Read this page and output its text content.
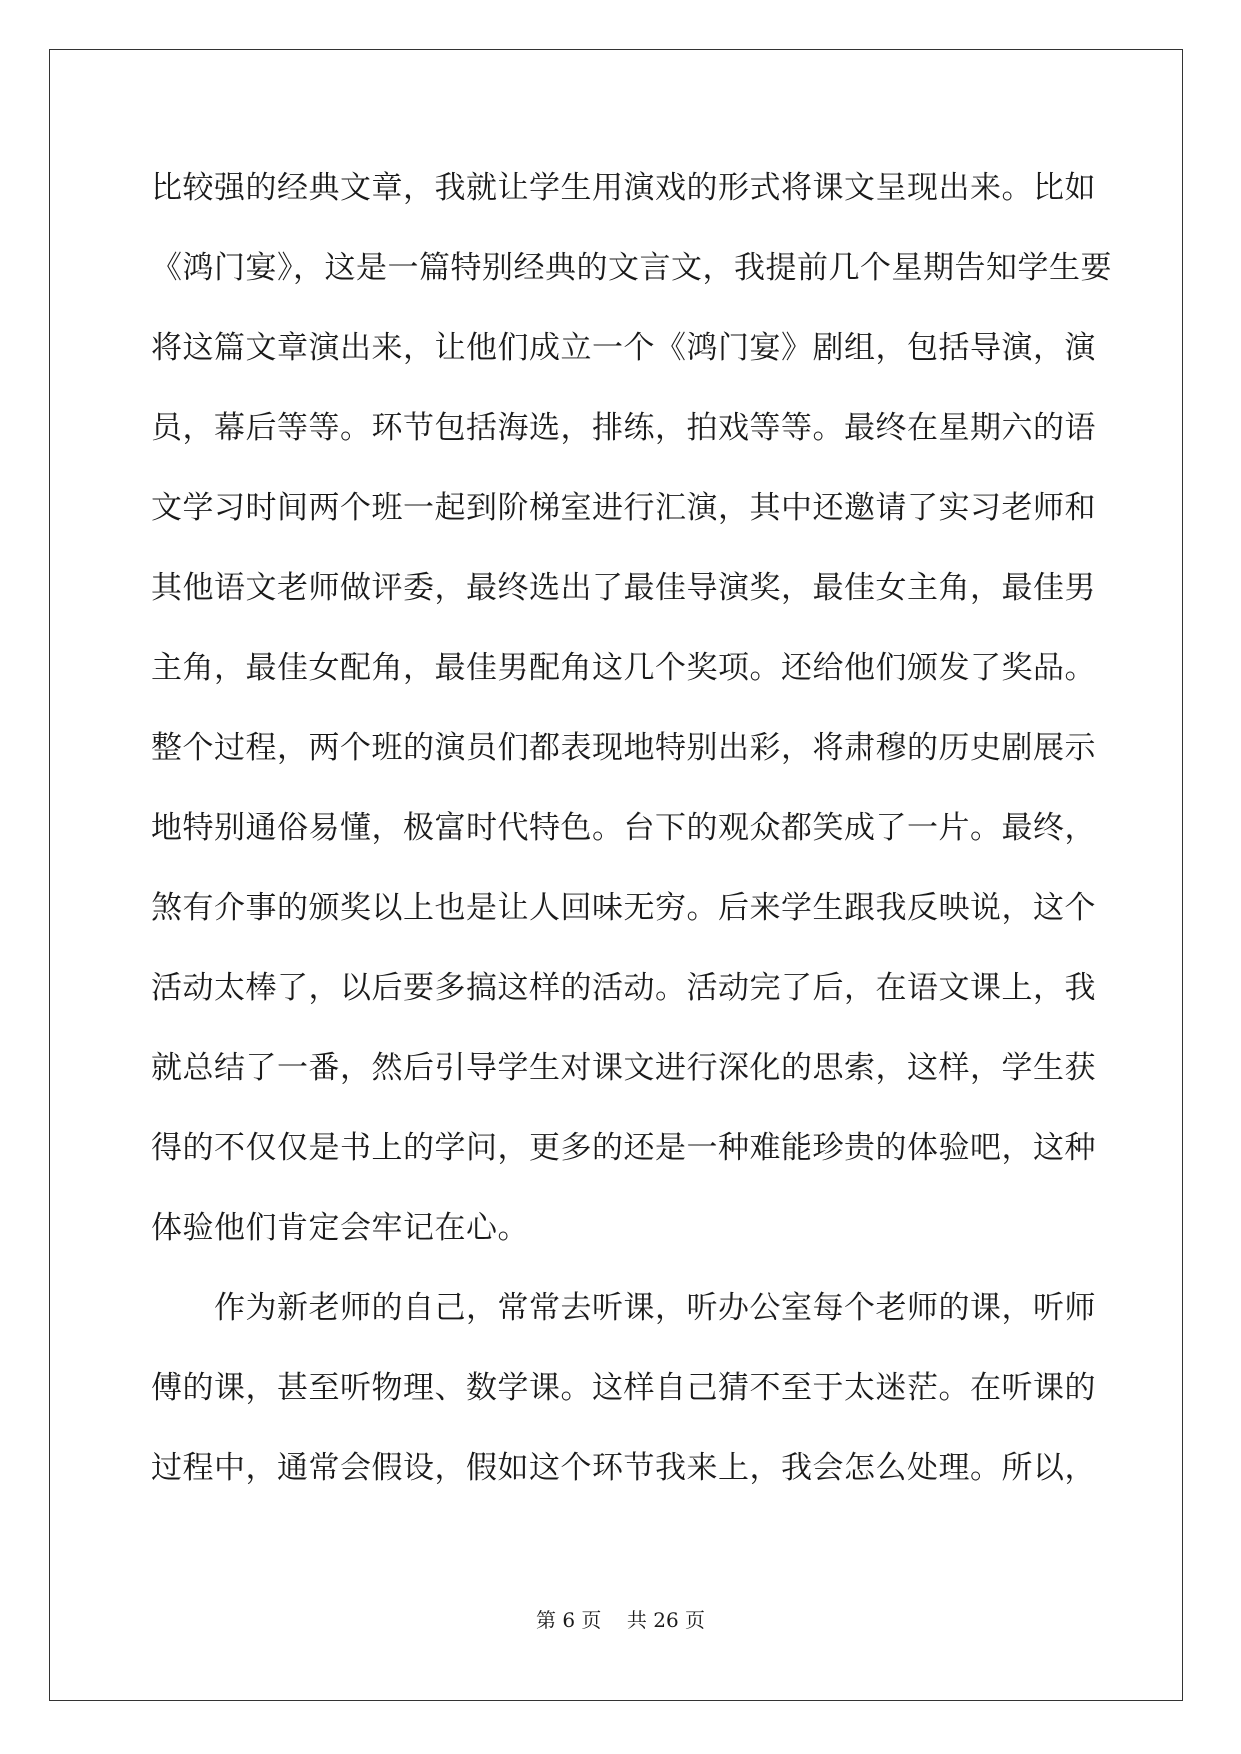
比较强的经典文章，我就让学生用演戏的形式将课文呈现出来。比如
《鸿门宴》，这是一篇特别经典的文言文，我提前几个星期告知学生要
将这篇文章演出来，让他们成立一个《鸿门宴》剧组，包括导演，演
员，幕后等等。环节包括海选，排练，拍戏等等。最终在星期六的语
文学习时间两个班一起到阶梯室进行汇演，其中还邀请了实习老师和
其他语文老师做评委，最终选出了最佳导演奖，最佳女主角，最佳男
主角，最佳女配角，最佳男配角这几个奖项。还给他们颁发了奖品。
整个过程，两个班的演员们都表现地特别出彩，将肃穆的历史剧展示
地特别通俗易懂，极富时代特色。台下的观众都笑成了一片。最终，
煞有介事的颁奖以上也是让人回味无穷。后来学生跟我反映说，这个
活动太棒了，以后要多搞这样的活动。活动完了后，在语文课上，我
就总结了一番，然后引导学生对课文进行深化的思索，这样，学生获
得的不仅仅是书上的学问，更多的还是一种难能珍贵的体验吧，这种
体验他们肯定会牢记在心。
　　作为新老师的自己，常常去听课，听办公室每个老师的课，听师
傅的课，甚至听物理、数学课。这样自己猜不至于太迷茫。在听课的
过程中，通常会假设，假如这个环节我来上，我会怎么处理。所以，
第 6 页 共 26 页
